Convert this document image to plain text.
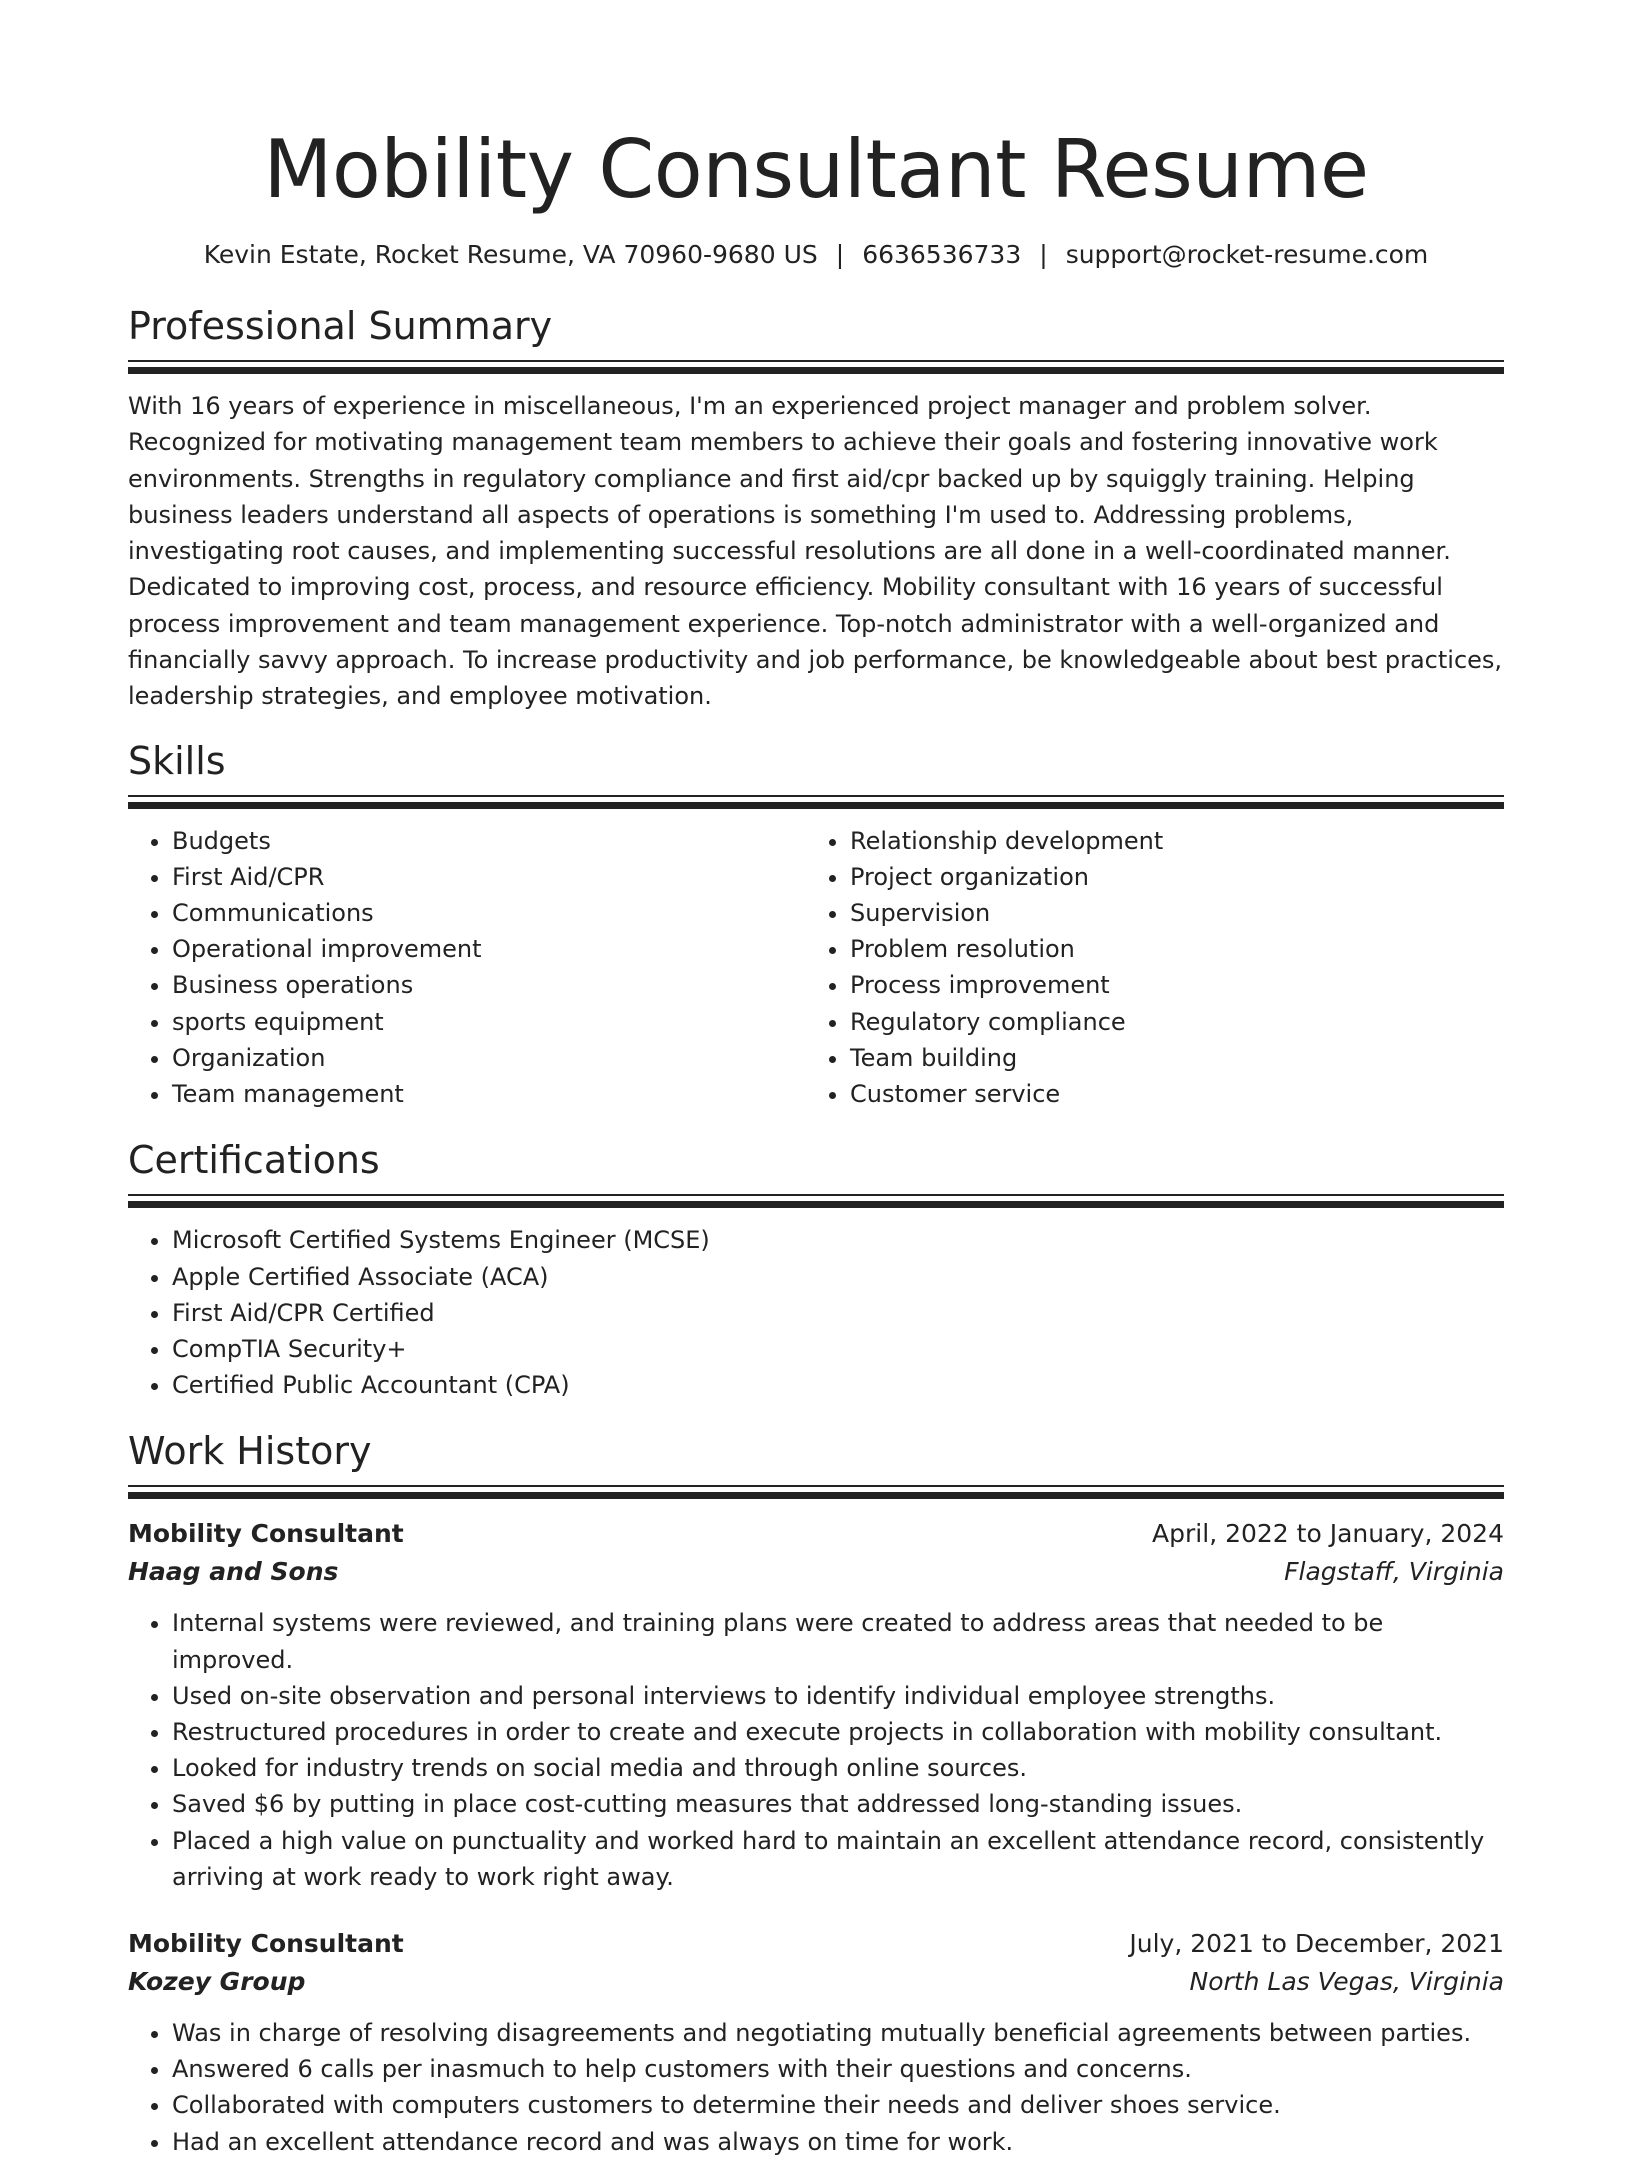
Mobility Consultant Resume
Kevin Estate, Rocket Resume, VA 70960-9680 US | 6636536733 | support@rocket-resume.com
Professional Summary

With 16 years of experience in miscellaneous, I'm an experienced project manager and problem solver. Recognized for motivating management team members to achieve their goals and fostering innovative work environments. Strengths in regulatory compliance and first aid/cpr backed up by squiggly training. Helping business leaders understand all aspects of operations is something I'm used to. Addressing problems, investigating root causes, and implementing successful resolutions are all done in a well-coordinated manner. Dedicated to improving cost, process, and resource efficiency. Mobility consultant with 16 years of successful process improvement and team management experience. Top-notch administrator with a well-organized and financially savvy approach. To increase productivity and job performance, be knowledgeable about best practices, leadership strategies, and employee motivation.

Skills
• Budgets
• First Aid/CPR
• Communications
• Operational improvement
• Business operations
• sports equipment
• Organization
• Team management
• Relationship development
• Project organization
• Supervision
• Problem resolution
• Process improvement
• Regulatory compliance
• Team building
• Customer service
Certifications
• Microsoft Certified Systems Engineer (MCSE)
• Apple Certified Associate (ACA)
• First Aid/CPR Certified
• CompTIA Security+
• Certified Public Accountant (CPA)
Work History
Mobility Consultant	April, 2022 to January, 2024
Haag and Sons	Flagstaff, Virginia
• Internal systems were reviewed, and training plans were created to address areas that needed to be improved.
• Used on-site observation and personal interviews to identify individual employee strengths.
• Restructured procedures in order to create and execute projects in collaboration with mobility consultant.
• Looked for industry trends on social media and through online sources.
• Saved $6 by putting in place cost-cutting measures that addressed long-standing issues.
• Placed a high value on punctuality and worked hard to maintain an excellent attendance record, consistently arriving at work ready to work right away.
Mobility Consultant	July, 2021 to December, 2021
Kozey Group	North Las Vegas, Virginia
• Was in charge of resolving disagreements and negotiating mutually beneficial agreements between parties.
• Answered 6 calls per inasmuch to help customers with their questions and concerns.
• Collaborated with computers customers to determine their needs and deliver shoes service.
• Had an excellent attendance record and was always on time for work.
